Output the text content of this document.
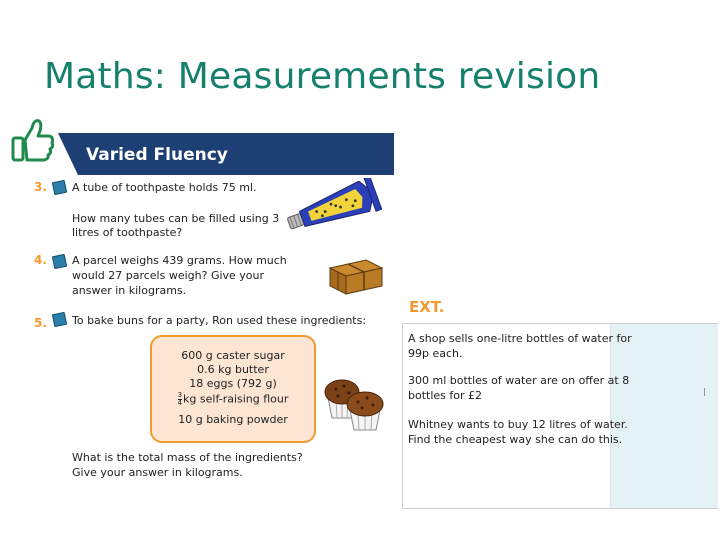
Maths: Measurements revision
Varied Fluency
3. A tube of toothpaste holds 75 ml.
How many tubes can be filled using 3
litres of toothpaste?
4. A parcel weighs 439 grams. How much
would 27 parcels weigh? Give your
answer in kilograms.
5. To bake buns for a party, Ron used these ingredients:
600 g caster sugar
0.6 kg butter
18 eggs (792 g)
$\frac{3}{4}$ kg self-raising flour
10 g baking powder
What is the total mass of the ingredients?
Give your answer in kilograms.
EXT.
A shop sells one-litre bottles of water for
99p each.
300 ml bottles of water are on offer at 8
bottles for £2
Whitney wants to buy 12 litres of water.
Find the cheapest way she can do this.
